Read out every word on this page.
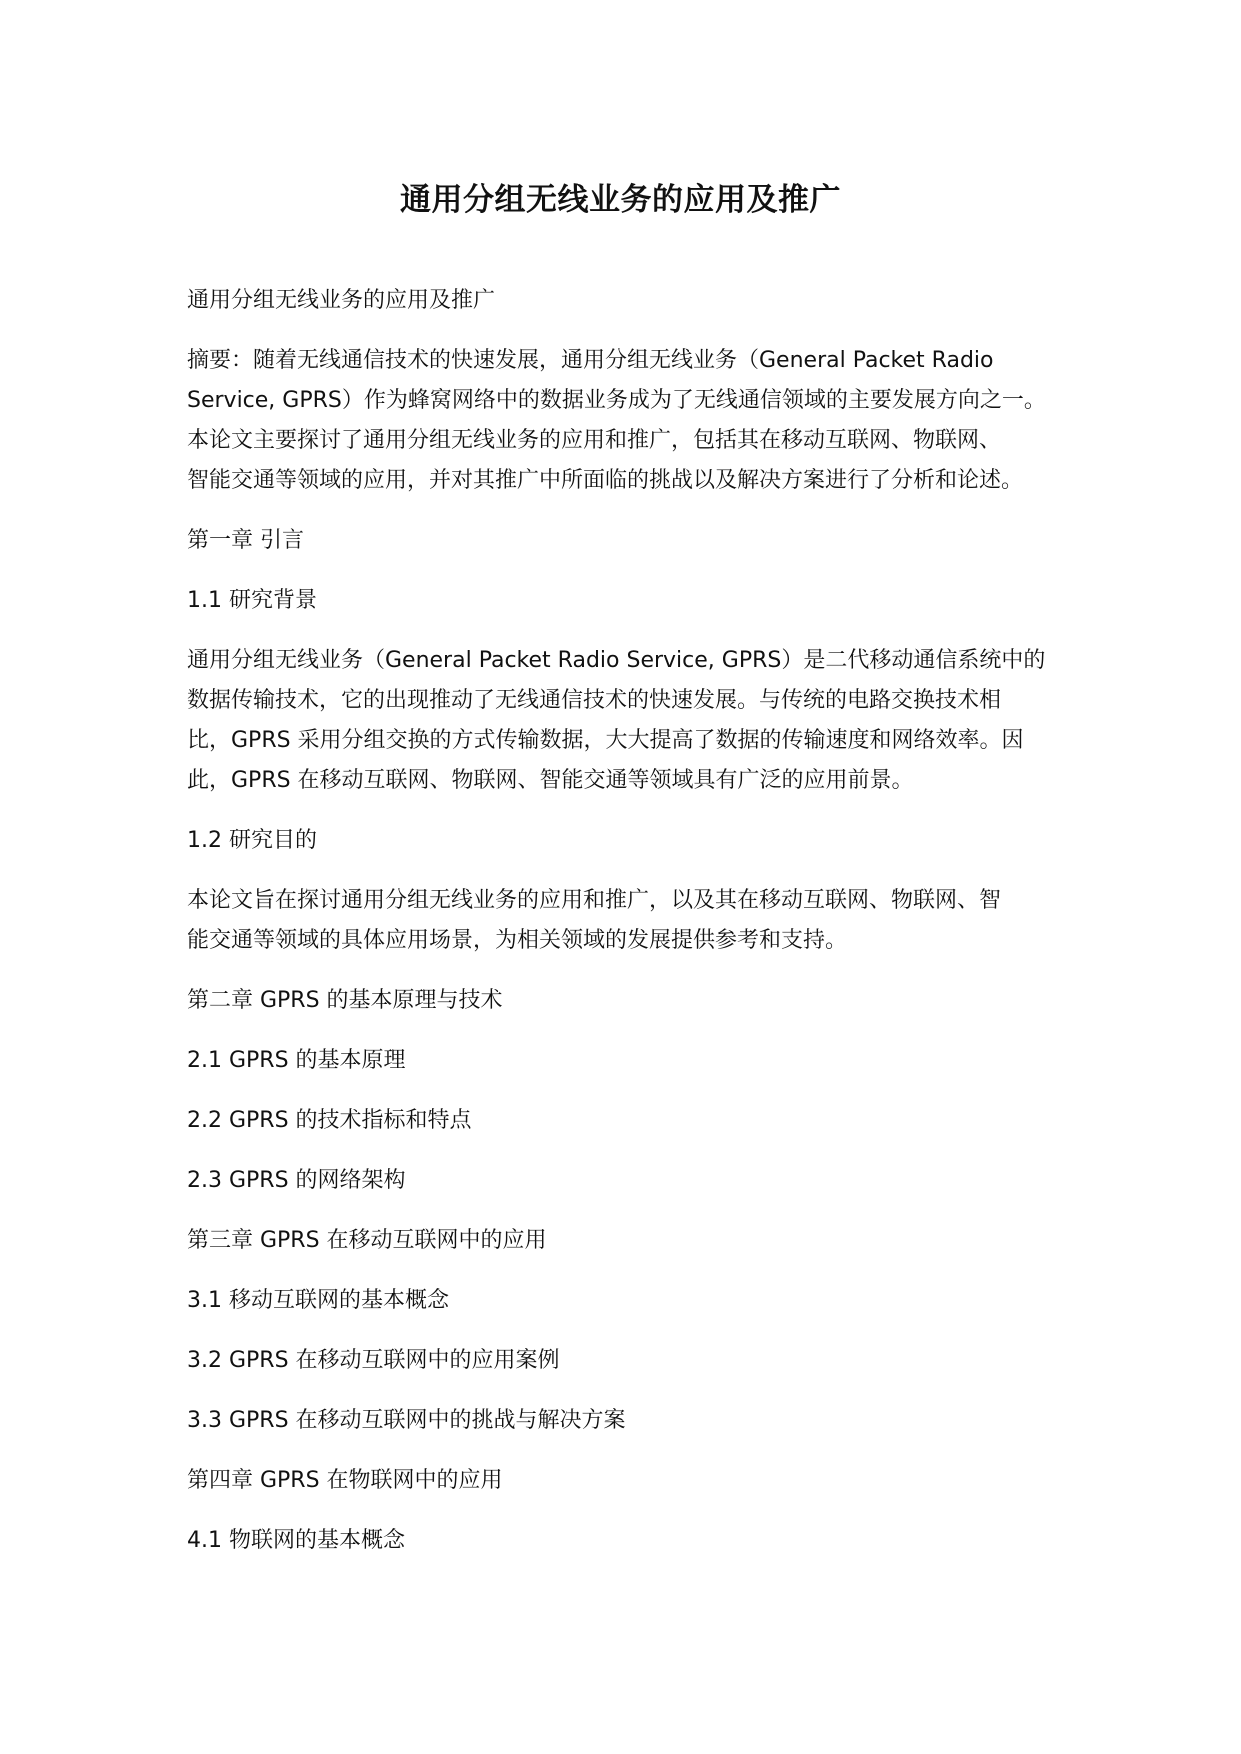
通用分组无线业务的应用及推广
通用分组无线业务的应用及推广
摘要：随着无线通信技术的快速发展，通用分组无线业务（General Packet Radio
Service, GPRS）作为蜂窝网络中的数据业务成为了无线通信领域的主要发展方向之一。
本论文主要探讨了通用分组无线业务的应用和推广，包括其在移动互联网、物联网、
智能交通等领域的应用，并对其推广中所面临的挑战以及解决方案进行了分析和论述。
第一章 引言
1.1 研究背景
通用分组无线业务（General Packet Radio Service, GPRS）是二代移动通信系统中的
数据传输技术，它的出现推动了无线通信技术的快速发展。与传统的电路交换技术相
比，GPRS 采用分组交换的方式传输数据，大大提高了数据的传输速度和网络效率。因
此，GPRS 在移动互联网、物联网、智能交通等领域具有广泛的应用前景。
1.2 研究目的
本论文旨在探讨通用分组无线业务的应用和推广，以及其在移动互联网、物联网、智
能交通等领域的具体应用场景，为相关领域的发展提供参考和支持。
第二章 GPRS 的基本原理与技术
2.1 GPRS 的基本原理
2.2 GPRS 的技术指标和特点
2.3 GPRS 的网络架构
第三章 GPRS 在移动互联网中的应用
3.1 移动互联网的基本概念
3.2 GPRS 在移动互联网中的应用案例
3.3 GPRS 在移动互联网中的挑战与解决方案
第四章 GPRS 在物联网中的应用
4.1 物联网的基本概念
